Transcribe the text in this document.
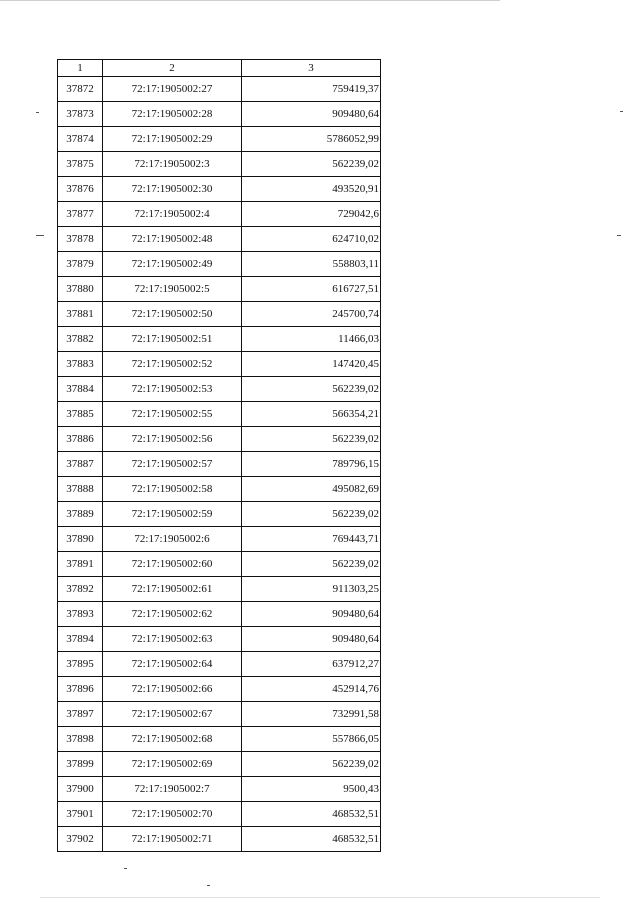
1	2	3
37872	72:17:1905002:27	759419,37
37873	72:17:1905002:28	909480,64
37874	72:17:1905002:29	5786052,99
37875	72:17:1905002:3	562239,02
37876	72:17:1905002:30	493520,91
37877	72:17:1905002:4	729042,6
37878	72:17:1905002:48	624710,02
37879	72:17:1905002:49	558803,11
37880	72:17:1905002:5	616727,51
37881	72:17:1905002:50	245700,74
37882	72:17:1905002:51	11466,03
37883	72:17:1905002:52	147420,45
37884	72:17:1905002:53	562239,02
37885	72:17:1905002:55	566354,21
37886	72:17:1905002:56	562239,02
37887	72:17:1905002:57	789796,15
37888	72:17:1905002:58	495082,69
37889	72:17:1905002:59	562239,02
37890	72:17:1905002:6	769443,71
37891	72:17:1905002:60	562239,02
37892	72:17:1905002:61	911303,25
37893	72:17:1905002:62	909480,64
37894	72:17:1905002:63	909480,64
37895	72:17:1905002:64	637912,27
37896	72:17:1905002:66	452914,76
37897	72:17:1905002:67	732991,58
37898	72:17:1905002:68	557866,05
37899	72:17:1905002:69	562239,02
37900	72:17:1905002:7	9500,43
37901	72:17:1905002:70	468532,51
37902	72:17:1905002:71	468532,51
